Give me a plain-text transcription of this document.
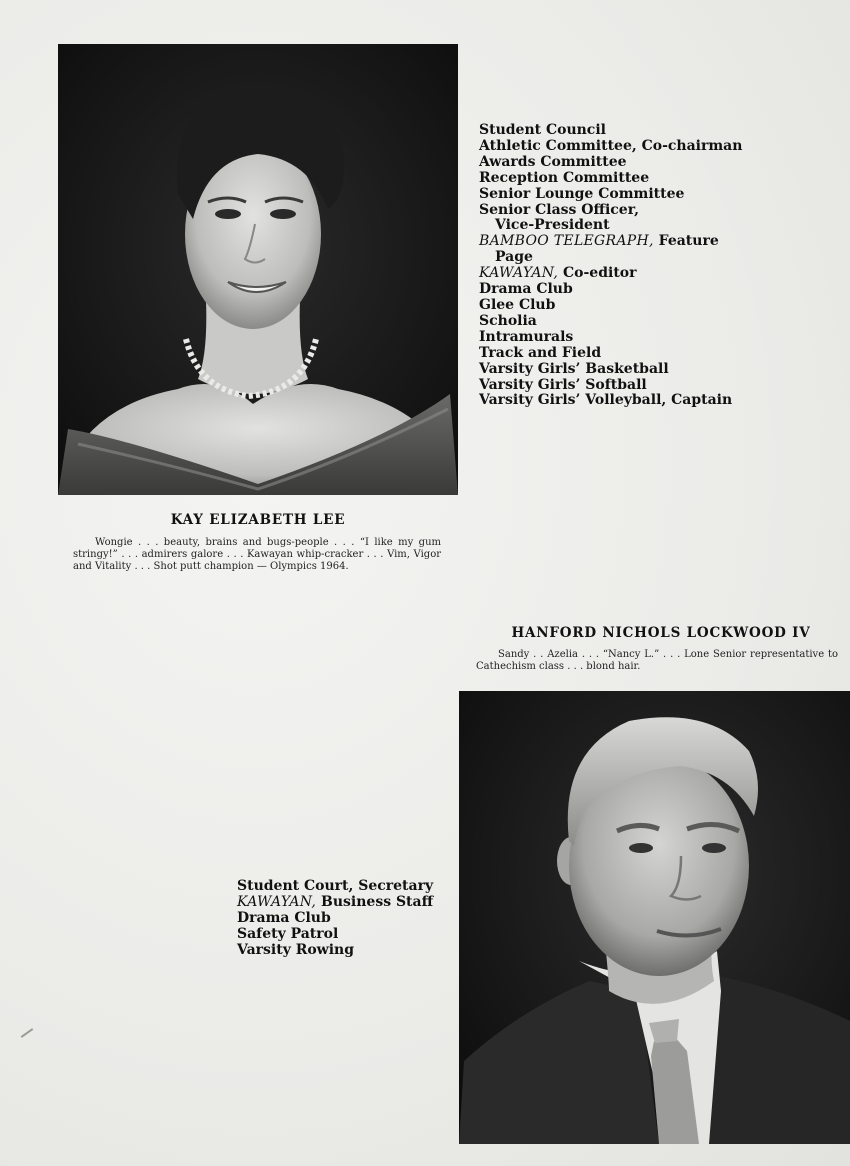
Student Council
Athletic Committee, Co-chairman
Awards Committee
Reception Committee
Senior Lounge Committee
Senior Class Officer,
Vice-President
BAMBOO TELEGRAPH, Feature
Page
KAWAYAN, Co-editor
Drama Club
Glee Club
Scholia
Intramurals
Track and Field
Varsity Girls’ Basketball
Varsity Girls’ Softball
Varsity Girls’ Volleyball, Captain
KAY ELIZABETH LEE

Wongie . . . beauty, brains and bugs-people . . . “I like my gum stringy!” . . . admirers galore . . . Kawayan whip-cracker . . . Vim, Vigor and Vitality . . . Shot putt champion — Olympics 1964.

HANFORD NICHOLS LOCKWOOD IV

Sandy . . Azelia . . . “Nancy L.” . . . Lone Senior representative to Cathechism class . . . blond hair.

Student Court, Secretary
KAWAYAN, Business Staff
Drama Club
Safety Patrol
Varsity Rowing
